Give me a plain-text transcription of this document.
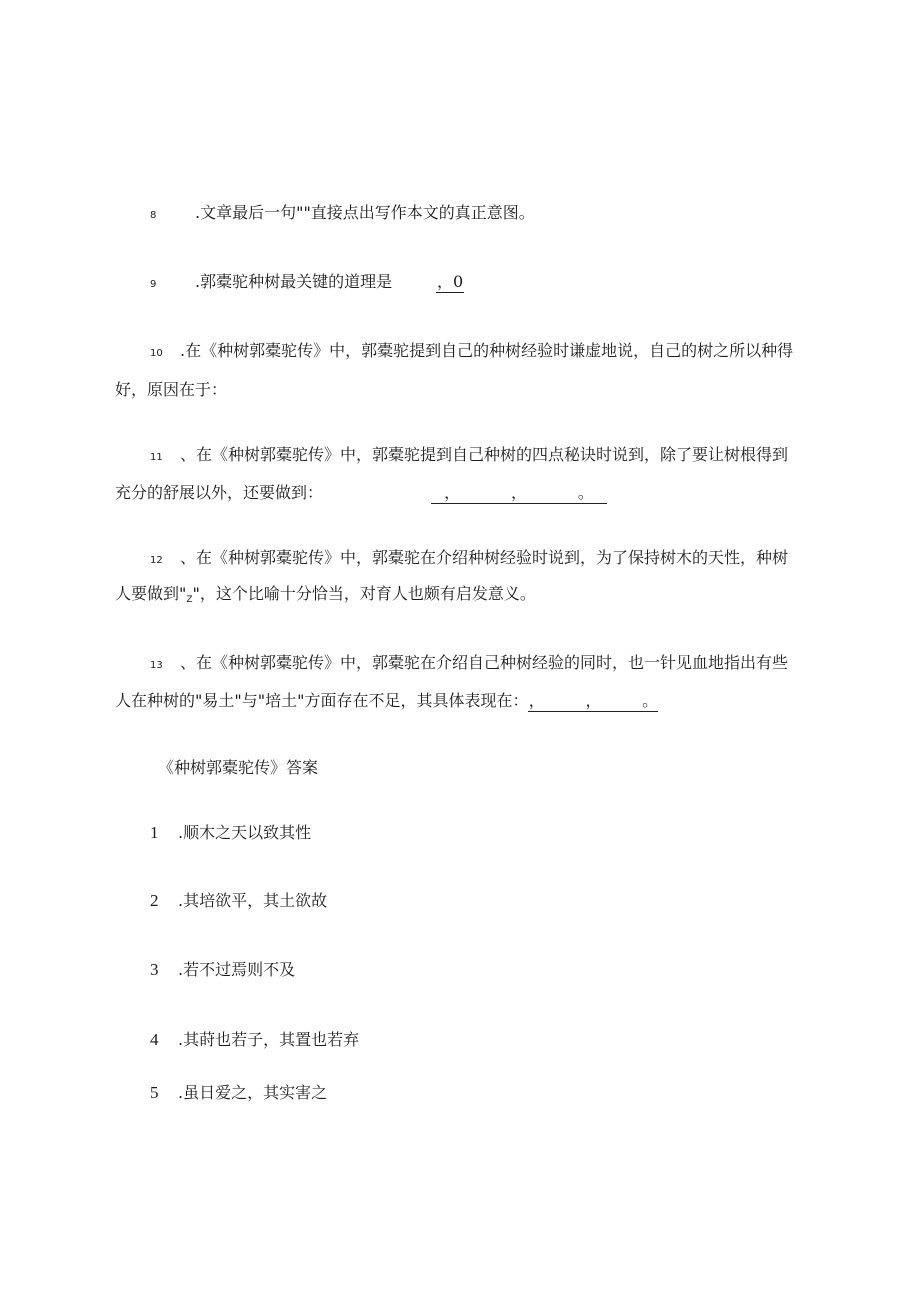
8 .文章最后一句""直接点出写作本文的真正意图。
9 .郭橐驼种树最关键的道理是	，0
10 .在《种树郭橐驼传》中，郭橐驼提到自己的种树经验时谦虚地说，自己的树之所以种得
好，原因在于：
11 、在《种树郭橐驼传》中，郭橐驼提到自己种树的四点秘诀时说到，除了要让树根得到
充分的舒展以外，还要做到：	，          ，          。
12 、在《种树郭橐驼传》中，郭橐驼在介绍种树经验时说到，为了保持树木的天性，种树
人要做到"Z"，这个比喻十分恰当，对育人也颇有启发意义。
13 、在《种树郭橐驼传》中，郭橐驼在介绍自己种树经验的同时，也一针见血地指出有些
人在种树的"易土"与"培土"方面存在不足，其具体表现在：，        ，        。
《种树郭橐驼传》答案
1 .顺木之天以致其性
2 .其培欲平，其土欲故
3 .若不过焉则不及
4 .其莳也若子，其置也若弃
5 .虽日爱之，其实害之
